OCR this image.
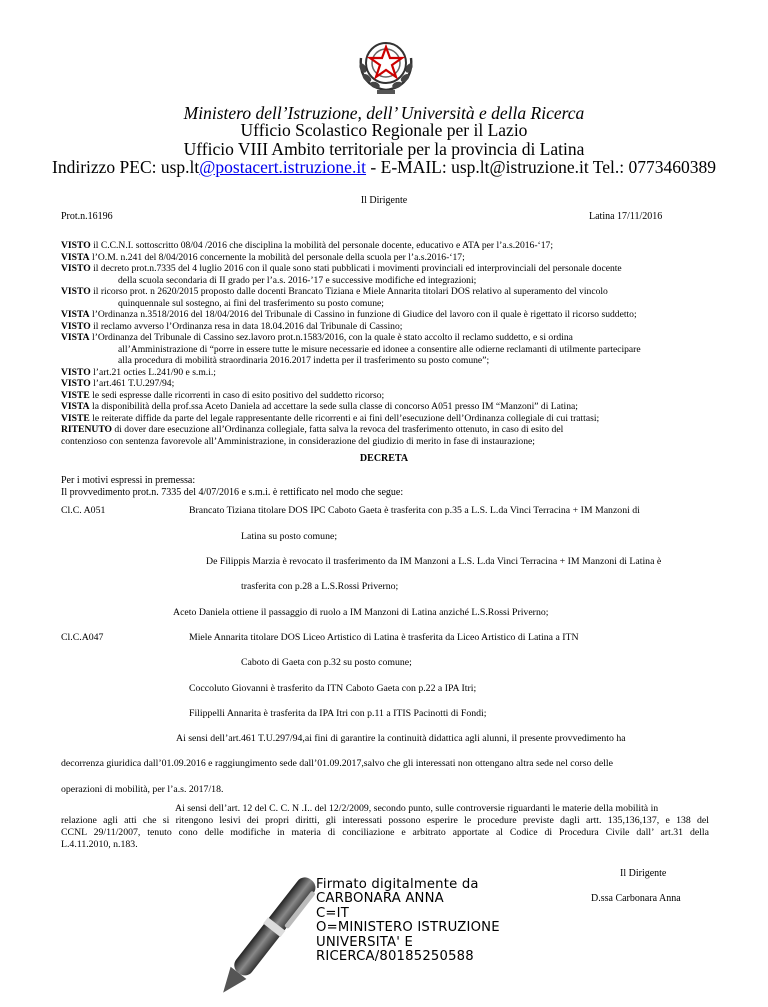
Ministero dell’Istruzione, dell’ Università e della Ricerca
Ufficio Scolastico Regionale per il Lazio
Ufficio VIII Ambito territoriale per la provincia di Latina
Indirizzo PEC: usp.lt@postacert.istruzione.it - E-MAIL: usp.lt@istruzione.it Tel.: 0773460389
Il Dirigente
Prot.n.16196	Latina 17/11/2016

VISTO il C.C.N.I. sottoscritto 08/04 /2016 che disciplina la mobilità del personale docente, educativo e ATA per l’a.s.2016-‘17;

VISTA l’O.M. n.241 del 8/04/2016 concernente la mobilità del personale della scuola per l’a.s.2016-‘17;

VISTO il decreto prot.n.7335 del 4 luglio 2016 con il quale sono stati pubblicati i movimenti provinciali ed interprovinciali del personale docente

della scuola secondaria di II grado per l’a.s. 2016-’17 e successive modifiche ed integrazioni;

VISTO il ricorso prot. n 2620/2015 proposto dalle docenti Brancato Tiziana e Miele Annarita titolari DOS relativo al superamento del vincolo

quinquennale sul sostegno, ai fini del trasferimento su posto comune;

VISTA l’Ordinanza n.3518/2016 del 18/04/2016 del Tribunale di Cassino in funzione di Giudice del lavoro con il quale è rigettato il ricorso suddetto;

VISTO il reclamo avverso l’Ordinanza resa in data 18.04.2016 dal Tribunale di Cassino;

VISTA l’Ordinanza del Tribunale di Cassino sez.lavoro prot.n.1583/2016, con la quale è stato accolto il reclamo suddetto, e si ordina

all’Amministrazione di “porre in essere tutte le misure necessarie ed idonee a consentire alle odierne reclamanti di utilmente partecipare

alla procedura di mobilità straordinaria 2016.2017 indetta per il trasferimento su posto comune”;

VISTO l’art.21 octies L.241/90 e s.m.i.;

VISTO l’art.461 T.U.297/94;

VISTE le sedi espresse dalle ricorrenti in caso di esito positivo del suddetto ricorso;

VISTA la disponibilità della prof.ssa Aceto Daniela ad accettare la sede sulla classe di concorso A051 presso IM “Manzoni” di Latina;

VISTE le reiterate diffide da parte del legale rappresentante delle ricorrenti e ai fini dell’esecuzione dell’Ordinanza collegiale di cui trattasi;

RITENUTO di dover dare esecuzione all’Ordinanza collegiale, fatta salva la revoca del trasferimento ottenuto, in caso di esito del

contenzioso con sentenza favorevole all’Amministrazione, in considerazione del giudizio di merito in fase di instaurazione;

DECRETA
Per i motivi espressi in premessa:
Il provvedimento prot.n. 7335 del 4/07/2016 e s.m.i. è rettificato nel modo che segue:
Cl.C. A051	Brancato Tiziana titolare DOS IPC Caboto Gaeta è trasferita con p.35 a L.S. L.da Vinci Terracina + IM Manzoni di
Latina su posto comune;
De Filippis Marzia è revocato il trasferimento da IM Manzoni a L.S. L.da Vinci Terracina + IM Manzoni di Latina è
trasferita con p.28 a L.S.Rossi Priverno;
Aceto Daniela ottiene il passaggio di ruolo a IM Manzoni di Latina anziché L.S.Rossi Priverno;
Cl.C.A047	Miele Annarita titolare DOS Liceo Artistico di Latina è trasferita da Liceo Artistico di Latina a ITN
Caboto di Gaeta con p.32 su posto comune;
Coccoluto Giovanni è trasferito da ITN Caboto Gaeta con p.22 a IPA Itri;
Filippelli Annarita è trasferita da IPA Itri con p.11 a ITIS Pacinotti di Fondi;
Ai sensi dell’art.461 T.U.297/94,ai fini di garantire la continuità didattica agli alunni, il presente provvedimento ha
decorrenza giuridica dall’01.09.2016 e raggiungimento sede dall’01.09.2017,salvo che gli interessati non ottengano altra sede nel corso delle
operazioni di mobilità, per l’a.s. 2017/18.
Ai sensi dell’art. 12 del C. C. N .I.. del 12/2/2009, secondo punto, sulle controversie riguardanti le materie della mobilità in
relazione agli atti che si ritengono lesivi dei propri diritti, gli interessati possono esperire le procedure previste dagli artt. 135,136,137, e 138 del
CCNL 29/11/2007, tenuto cono delle modifiche in materia di conciliazione e arbitrato apportate al Codice di Procedura Civile dall’ art.31 della
L.4.11.2010, n.183.
Il Dirigente
D.ssa Carbonara Anna
Firmato digitalmente da
CARBONARA ANNA
C=IT
O=MINISTERO ISTRUZIONE
UNIVERSITA' E
RICERCA/80185250588
